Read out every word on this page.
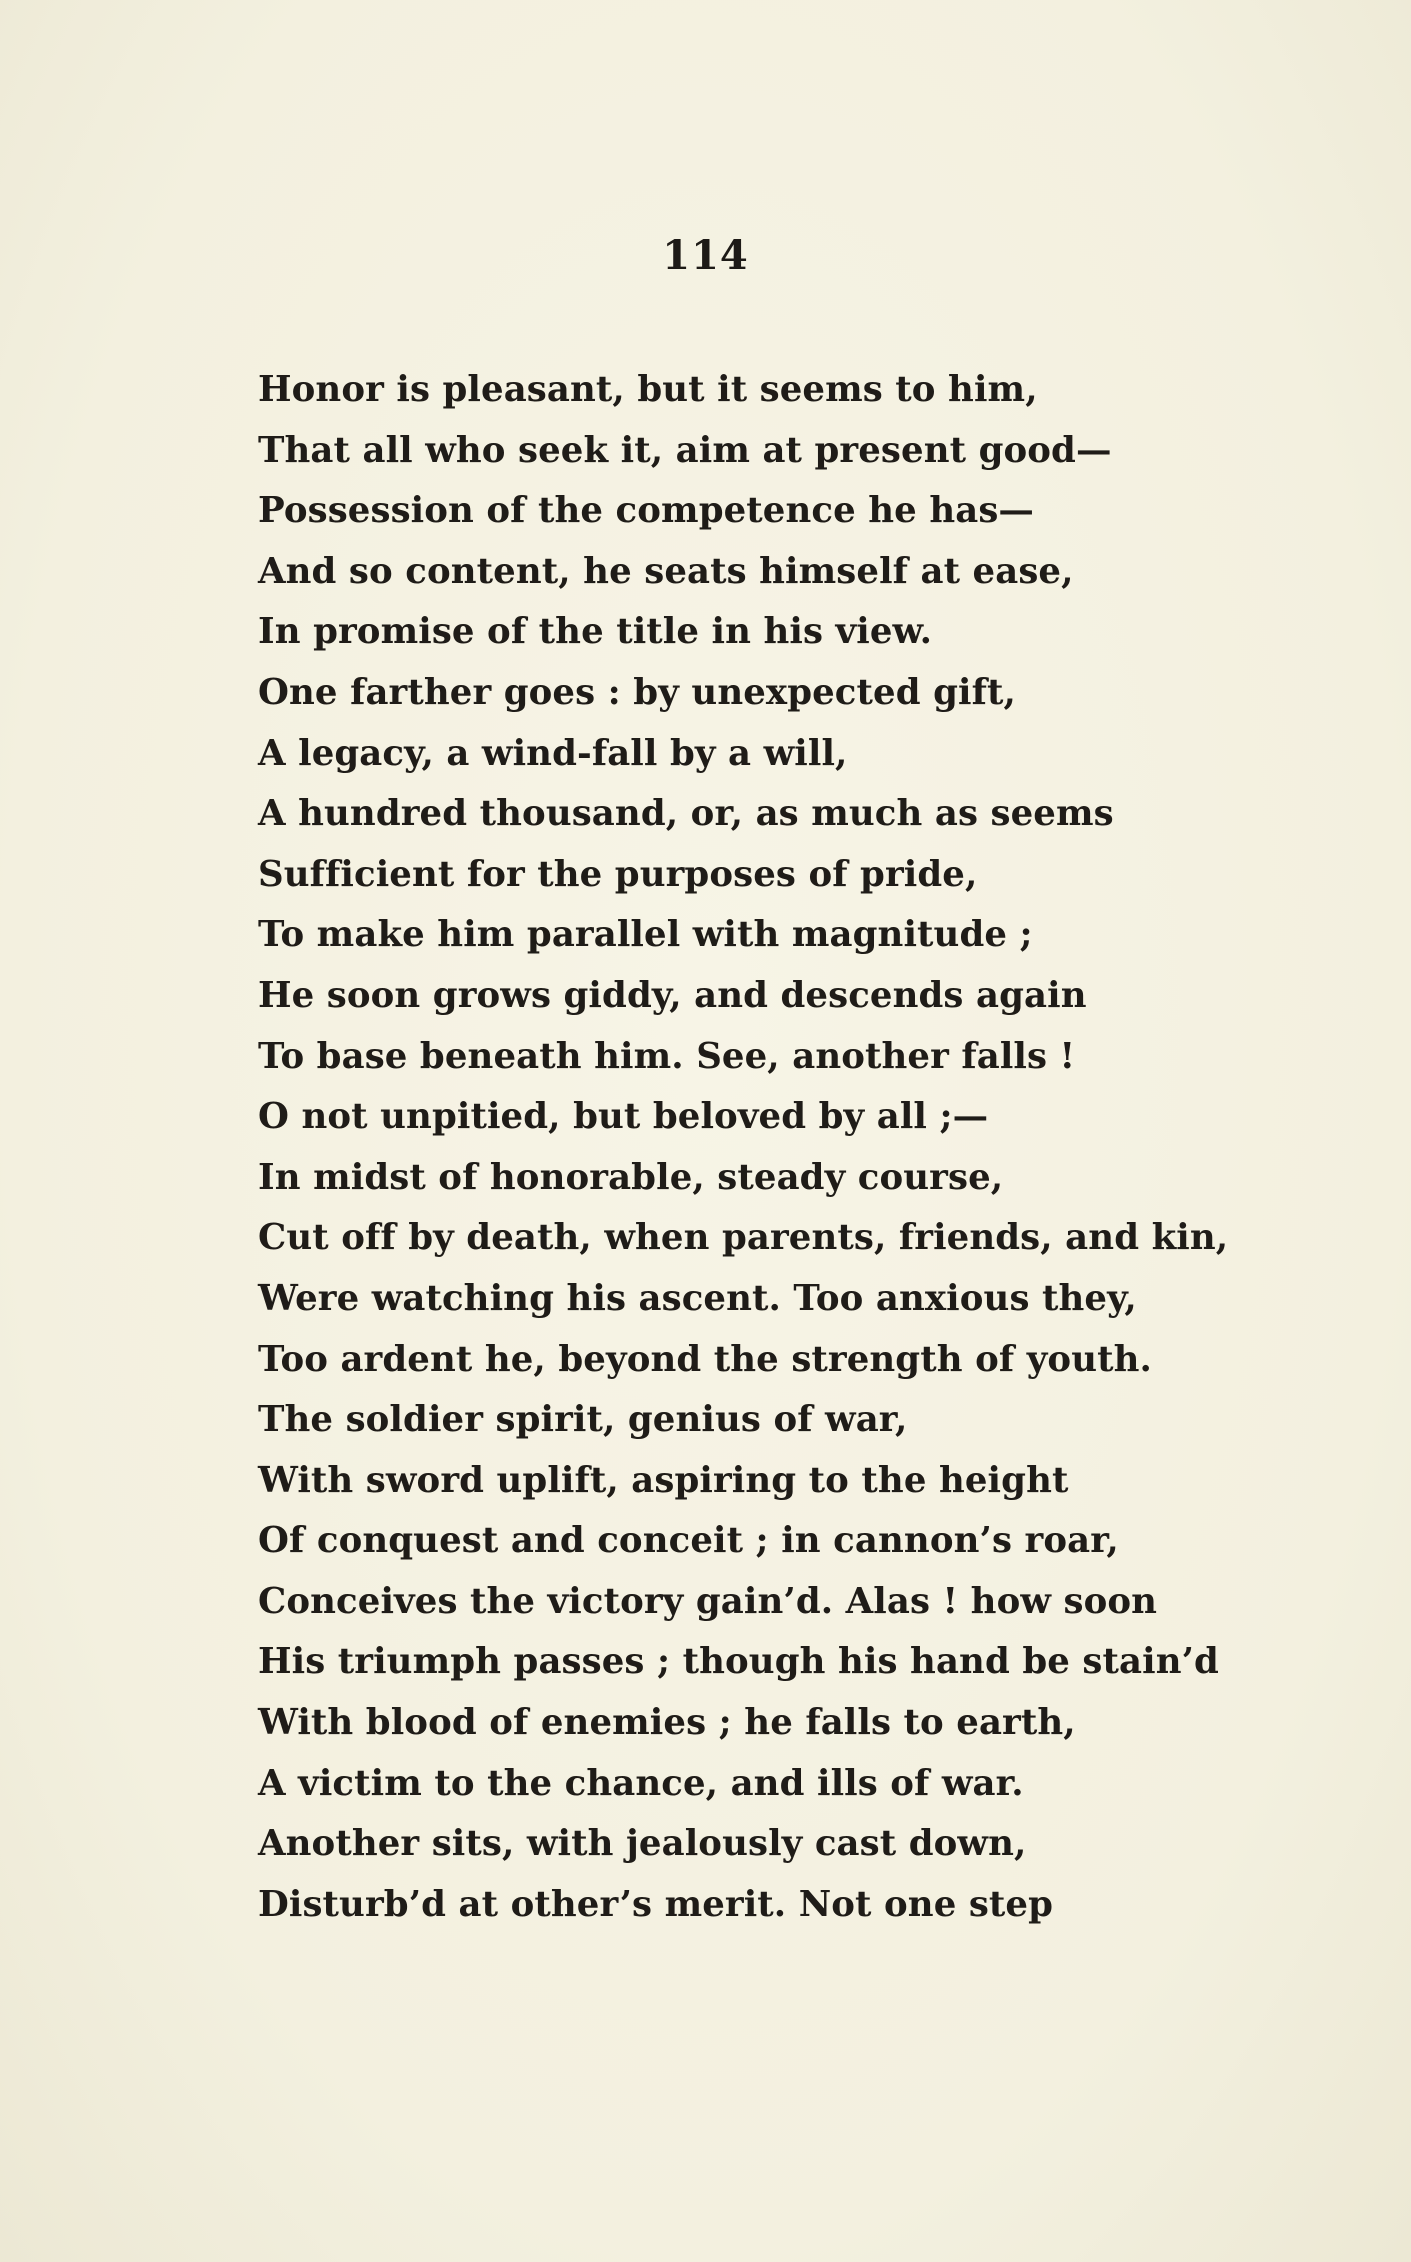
114
Honor is pleasant, but it seems to him,
That all who seek it, aim at present good—
Possession of the competence he has—
And so content, he seats himself at ease,
In promise of the title in his view.
One farther goes : by unexpected gift,
A legacy, a wind-fall by a will,
A hundred thousand, or, as much as seems
Sufficient for the purposes of pride,
To make him parallel with magnitude ;
He soon grows giddy, and descends again
To base beneath him. See, another falls !
O not unpitied, but beloved by all ;—
In midst of honorable, steady course,
Cut off by death, when parents, friends, and kin,
Were watching his ascent. Too anxious they,
Too ardent he, beyond the strength of youth.
The soldier spirit, genius of war,
With sword uplift, aspiring to the height
Of conquest and conceit ; in cannon’s roar,
Conceives the victory gain’d. Alas ! how soon
His triumph passes ; though his hand be stain’d
With blood of enemies ; he falls to earth,
A victim to the chance, and ills of war.
Another sits, with jealously cast down,
Disturb’d at other’s merit. Not one step
